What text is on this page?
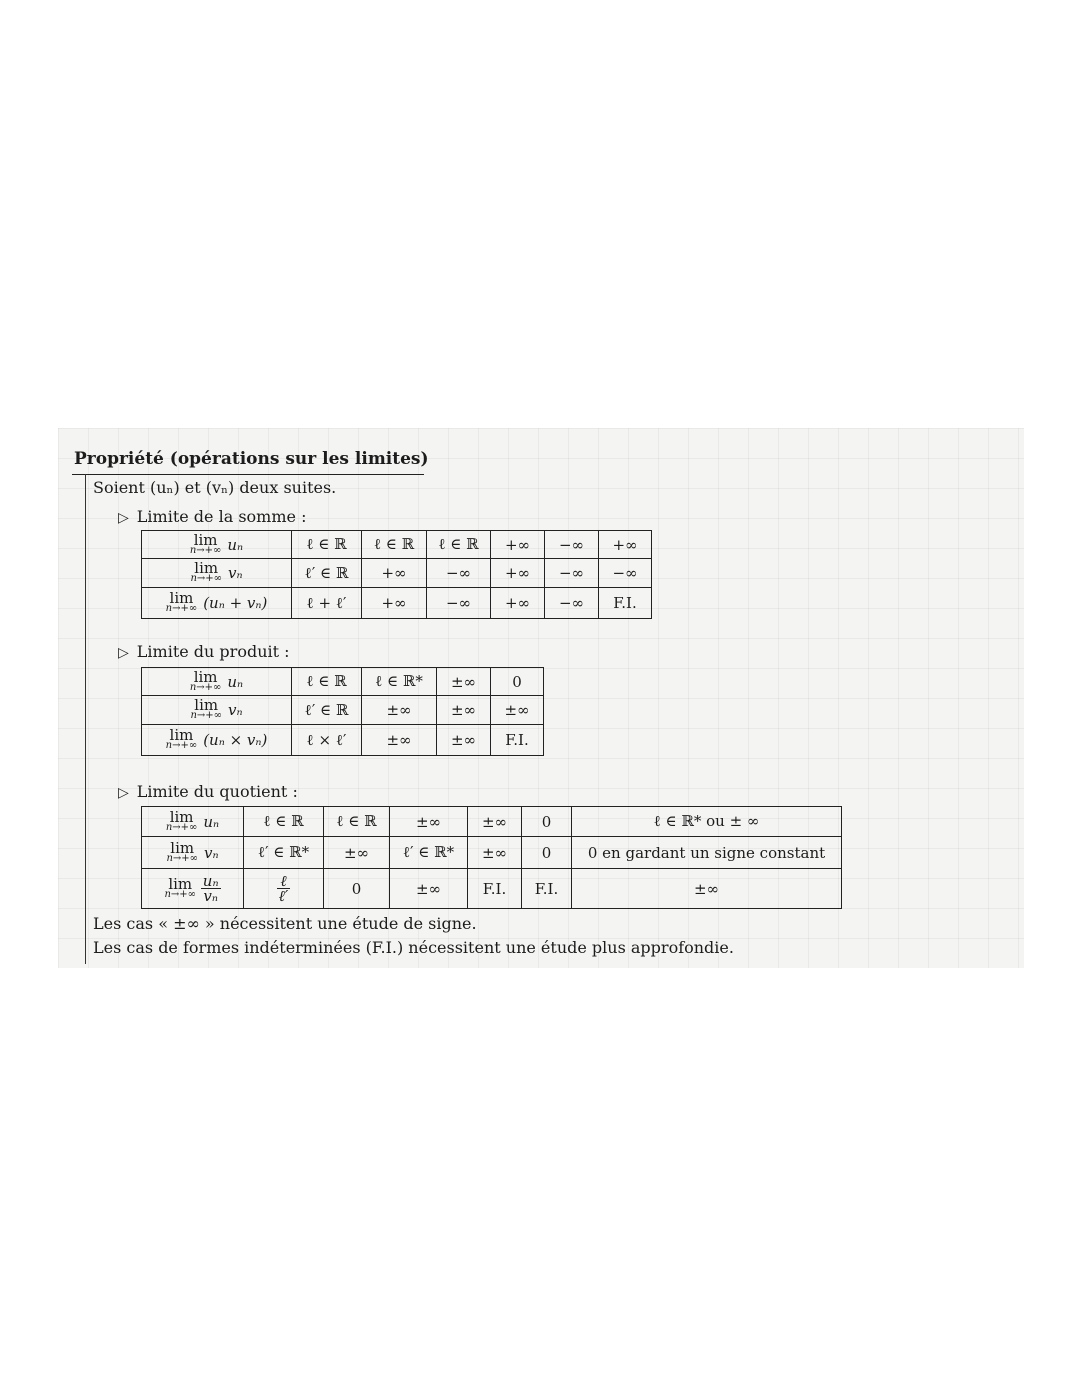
Propriété (opérations sur les limites)
Soient (uₙ) et (vₙ) deux suites.
▷ Limite de la somme :
lim
n→+∞ uₙ	ℓ ∈ ℝ	ℓ ∈ ℝ	ℓ ∈ ℝ	+∞	−∞	+∞

lim
n→+∞ vₙ	ℓ′ ∈ ℝ	+∞	−∞	+∞	−∞	−∞

lim
n→+∞ (uₙ + vₙ)	ℓ + ℓ′	+∞	−∞	+∞	−∞	F.I.
▷ Limite du produit :
lim
n→+∞ uₙ	ℓ ∈ ℝ	ℓ ∈ ℝ*	±∞	0

lim
n→+∞ vₙ	ℓ′ ∈ ℝ	±∞	±∞	±∞

lim
n→+∞ (uₙ × vₙ)	ℓ × ℓ′	±∞	±∞	F.I.
▷ Limite du quotient :
lim
n→+∞ uₙ	ℓ ∈ ℝ	ℓ ∈ ℝ	±∞	±∞	0	ℓ ∈ ℝ* ou ± ∞

lim
n→+∞ vₙ	ℓ′ ∈ ℝ*	±∞	ℓ′ ∈ ℝ*	±∞	0	0 en gardant un signe constant

lim
n→+∞
$\frac{\text{uₙ}}{\text{vₙ}}$	$\frac{\text{ℓ}}{\text{ℓ′}}$	0	±∞	F.I.	F.I.	±∞
Les cas « ±∞ » nécessitent une étude de signe.
Les cas de formes indéterminées (F.I.) nécessitent une étude plus approfondie.
